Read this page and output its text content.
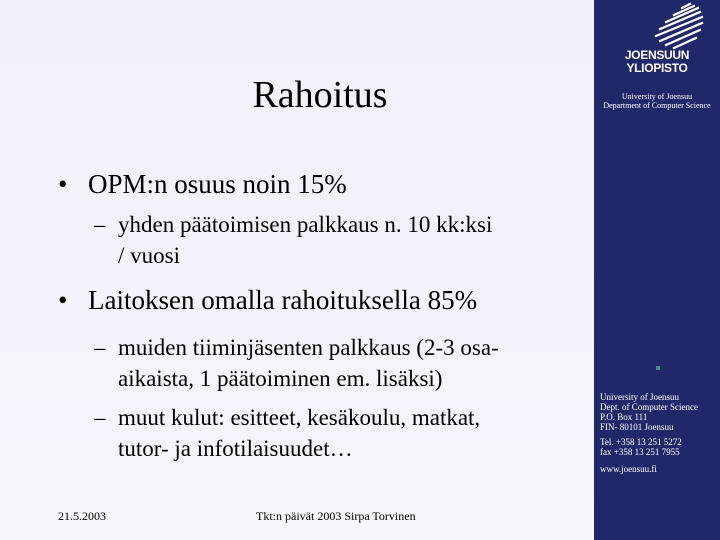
Rahoitus
• OPM:n osuus noin 15%
– yhden päätoimisen palkkaus n. 10 kk:ksi
/ vuosi
• Laitoksen omalla rahoituksella 85%
– muiden tiiminjäsenten palkkaus (2-3 osa-
aikaista, 1 päätoiminen em. lisäksi)
– muut kulut: esitteet, kesäkoulu, matkat,
tutor- ja infotilaisuudet…
21.5.2003	Tkt:n päivät 2003 Sirpa Torvinen
JOENSUUN
YLIOPISTO
University of Joensuu
Department of Computer Science
University of Joensuu
Dept. of Computer Science
P.O. Box 111
FIN- 80101 Joensuu
Tel. +358 13 251 5272
fax +358 13 251 7955
www.joensuu.fi
